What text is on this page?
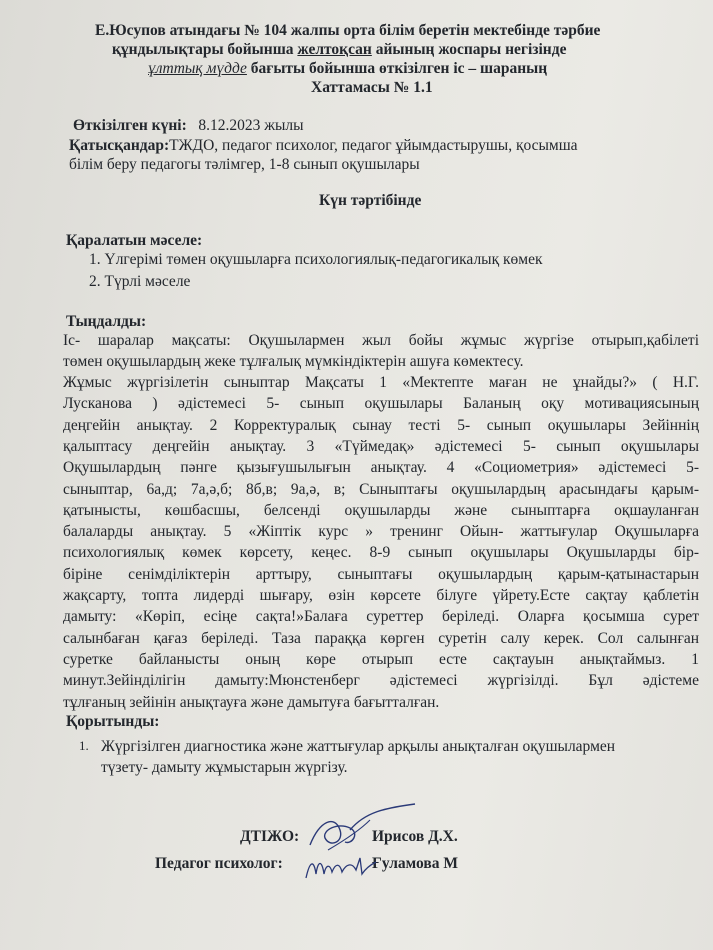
Е.Юсупов атындағы № 104 жалпы орта білім беретін мектебінде тәрбие
құндылықтары бойынша желтоқсан айының жоспары негізінде
ұлттық мүдде бағыты бойынша өткізілген іс – шараның
Хаттамасы № 1.1
Өткізілген күні: 8.12.2023 жылы
Қатысқандар:ТЖДО, педагог психолог, педагог ұйымдастырушы, қосымша
білім беру педагогы тәлімгер, 1-8 сынып оқушылары
Күн тәртібінде
Қаралатын мәселе:
1. Үлгерімі төмен оқушыларға психологиялық-педагогикалық көмек
2. Түрлі мәселе
Тыңдалды:
Іс- шаралар мақсаты: Оқушылармен жыл бойы жұмыс жүргізе отырып,қабілеті
төмен оқушылардың жеке тұлғалық мүмкіндіктерін ашуға көмектесу.
Жұмыс жүргізілетін сыныптар Мақсаты 1 «Мектепте маған не ұнайды?» ( Н.Г.
Лусканова ) әдістемесі 5- сынып оқушылары Баланың оқу мотивациясының
деңгейін анықтау. 2 Корректуралық сынау тесті 5- сынып оқушылары Зейіннің
қалыптасу деңгейін анықтау. 3 «Түймедақ» әдістемесі 5- сынып оқушылары
Оқушылардың пәнге қызығушылығын анықтау. 4 «Социометрия» әдістемесі 5-
сыныптар, 6а,д; 7а,ә,б; 8б,в; 9а,ә, в; Сыныптағы оқушылардың арасындағы қарым-
қатынысты, көшбасшы, белсенді оқушыларды және сыныптарға оқшауланған
балаларды анықтау. 5 «Жіптік курс » тренинг Ойын- жаттығулар Оқушыларға
психологиялық көмек көрсету, кеңес. 8-9 сынып оқушылары Оқушыларды бір-
біріне сенімділіктерін арттыру, сыныптағы оқушылардың қарым-қатынастарын
жақсарту, топта лидерді шығару, өзін көрсете білуге үйрету.Есте сақтау қаблетін
дамыту: «Көріп, есіңе сақта!»Балаға суреттер беріледі. Оларға қосымша сурет
салынбаған қағаз беріледі. Таза параққа көрген суретін салу керек. Сол салынған
суретке байланысты оның көре отырып есте сақтауын анықтаймыз. 1
минут.Зейінділігін дамыту:Мюнстенберг әдістемесі жүргізілді. Бұл әдістеме
тұлғаның зейінін анықтауға және дамытуға бағытталған.
Қорытынды:
1. Жүргізілген диагностика және жаттығулар арқылы анықталған оқушылармен
түзету- дамыту жұмыстарын жүргізу.
ДТІЖО:	Ирисов Д.Х.
Педагог психолог:	Ғуламова М
